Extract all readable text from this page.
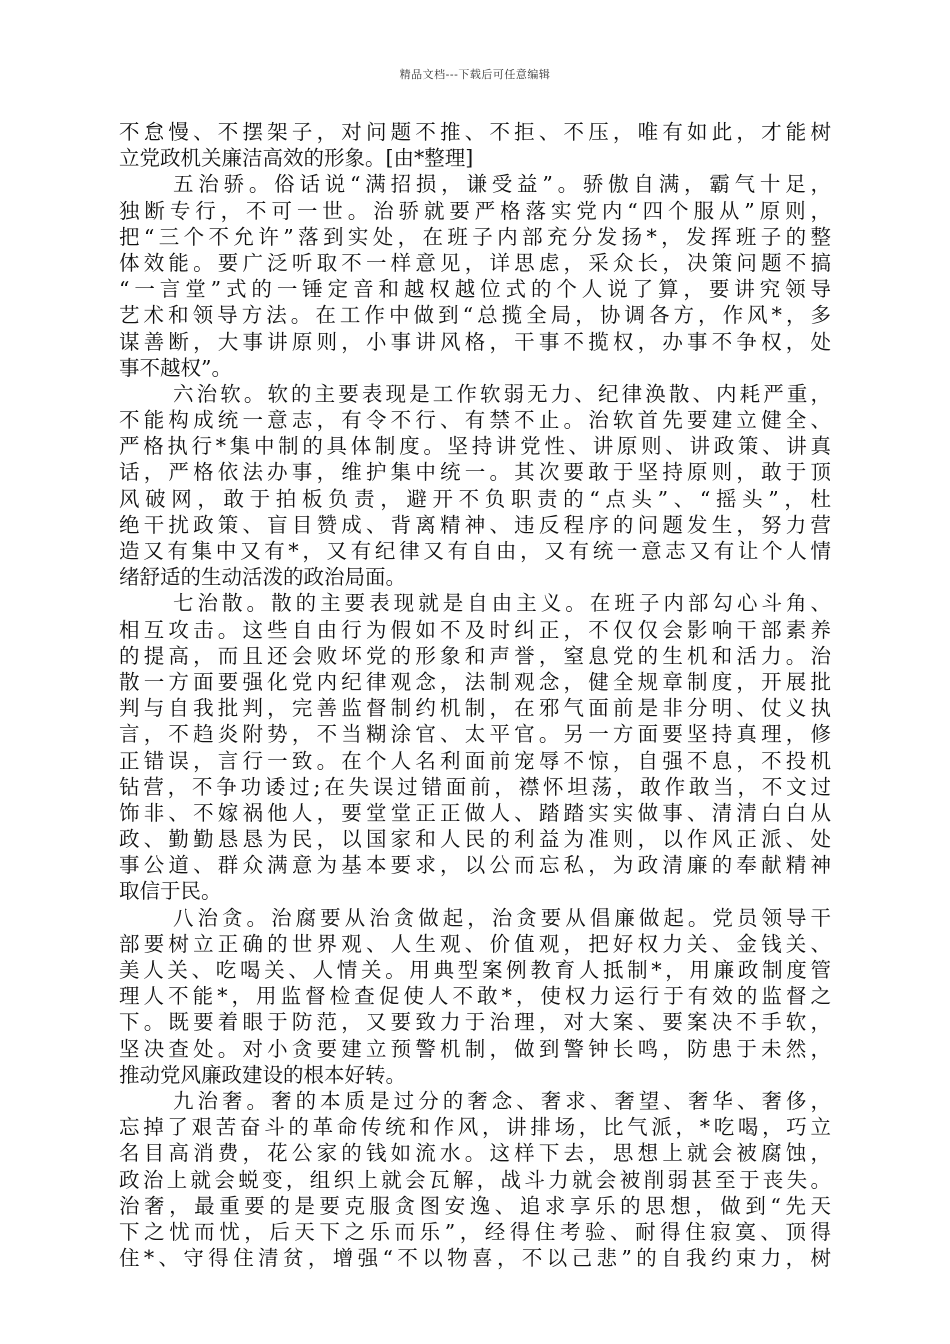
精品文档---下载后可任意编辑
不怠慢、不摆架子，对问题不推、不拒、不压，唯有如此，才能树
立党政机关廉洁高效的形象。[由*整理]
五治骄。俗话说“满招损，谦受益”。骄傲自满，霸气十足，
独断专行，不可一世。治骄就要严格落实党内“四个服从”原则，
把“三个不允许”落到实处，在班子内部充分发扬*，发挥班子的整
体效能。要广泛听取不一样意见，详思虑，采众长，决策问题不搞
“一言堂”式的一锤定音和越权越位式的个人说了算，要讲究领导
艺术和领导方法。在工作中做到“总揽全局，协调各方，作风*，多
谋善断，大事讲原则，小事讲风格，干事不揽权，办事不争权，处
事不越权”。
六治软。软的主要表现是工作软弱无力、纪律涣散、内耗严重，
不能构成统一意志，有令不行、有禁不止。治软首先要建立健全、
严格执行*集中制的具体制度。坚持讲党性、讲原则、讲政策、讲真
话，严格依法办事，维护集中统一。其次要敢于坚持原则，敢于顶
风破网，敢于拍板负责，避开不负职责的“点头”、“摇头”，杜
绝干扰政策、盲目赞成、背离精神、违反程序的问题发生，努力营
造又有集中又有*，又有纪律又有自由，又有统一意志又有让个人情
绪舒适的生动活泼的政治局面。
七治散。散的主要表现就是自由主义。在班子内部勾心斗角、
相互攻击。这些自由行为假如不及时纠正，不仅仅会影响干部素养
的提高，而且还会败坏党的形象和声誉，窒息党的生机和活力。治
散一方面要强化党内纪律观念，法制观念，健全规章制度，开展批
判与自我批判，完善监督制约机制，在邪气面前是非分明、仗义执
言，不趋炎附势，不当糊涂官、太平官。另一方面要坚持真理，修
正错误，言行一致。在个人名利面前宠辱不惊，自强不息，不投机
钻营，不争功诿过;在失误过错面前，襟怀坦荡，敢作敢当，不文过
饰非、不嫁祸他人，要堂堂正正做人、踏踏实实做事、清清白白从
政、勤勤恳恳为民，以国家和人民的利益为准则，以作风正派、处
事公道、群众满意为基本要求，以公而忘私，为政清廉的奉献精神
取信于民。
八治贪。治腐要从治贪做起，治贪要从倡廉做起。党员领导干
部要树立正确的世界观、人生观、价值观，把好权力关、金钱关、
美人关、吃喝关、人情关。用典型案例教育人抵制*，用廉政制度管
理人不能*，用监督检查促使人不敢*，使权力运行于有效的监督之
下。既要着眼于防范，又要致力于治理，对大案、要案决不手软，
坚决查处。对小贪要建立预警机制，做到警钟长鸣，防患于未然，
推动党风廉政建设的根本好转。
九治奢。奢的本质是过分的奢念、奢求、奢望、奢华、奢侈，
忘掉了艰苦奋斗的革命传统和作风，讲排场，比气派，*吃喝，巧立
名目高消费，花公家的钱如流水。这样下去，思想上就会被腐蚀，
政治上就会蜕变，组织上就会瓦解，战斗力就会被削弱甚至于丧失。
治奢，最重要的是要克服贪图安逸、追求享乐的思想，做到“先天
下之忧而忧，后天下之乐而乐”，经得住考验、耐得住寂寞、顶得
住*、守得住清贫，增强“不以物喜，不以己悲”的自我约束力，树
